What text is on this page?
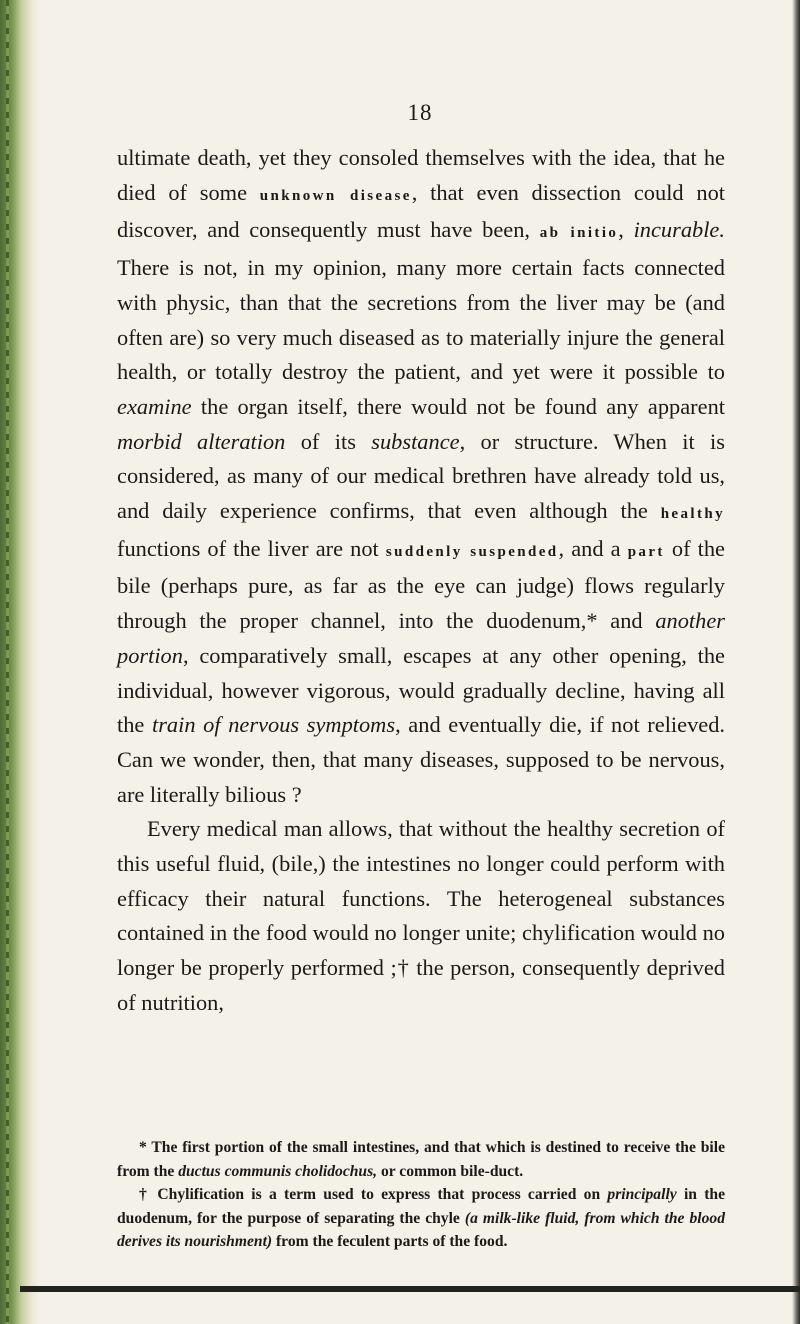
18

ultimate death, yet they consoled themselves with the idea, that he died of some unknown disease, that even dissection could not discover, and consequently must have been, ab initio, incurable. There is not, in my opinion, many more certain facts connected with physic, than that the secretions from the liver may be (and often are) so very much diseased as to materially injure the general health, or totally destroy the patient, and yet were it possible to examine the organ itself, there would not be found any apparent morbid alteration of its substance, or structure. When it is considered, as many of our medical brethren have already told us, and daily experience confirms, that even although the healthy functions of the liver are not suddenly suspended, and a part of the bile (perhaps pure, as far as the eye can judge) flows regularly through the proper channel, into the duodenum,* and another portion, comparatively small, escapes at any other opening, the individual, however vigorous, would gradually decline, having all the train of nervous symptoms, and eventually die, if not relieved. Can we wonder, then, that many diseases, supposed to be nervous, are literally bilious ?

Every medical man allows, that without the healthy secretion of this useful fluid, (bile,) the intestines no longer could perform with efficacy their natural functions. The heterogeneal substances contained in the food would no longer unite; chylification would no longer be properly performed ;† the person, consequently deprived of nutrition,

* The first portion of the small intestines, and that which is destined to receive the bile from the ductus communis cholidochus, or common bile-duct.

† Chylification is a term used to express that process carried on principally in the duodenum, for the purpose of separating the chyle (a milk-like fluid, from which the blood derives its nourishment) from the feculent parts of the food.
